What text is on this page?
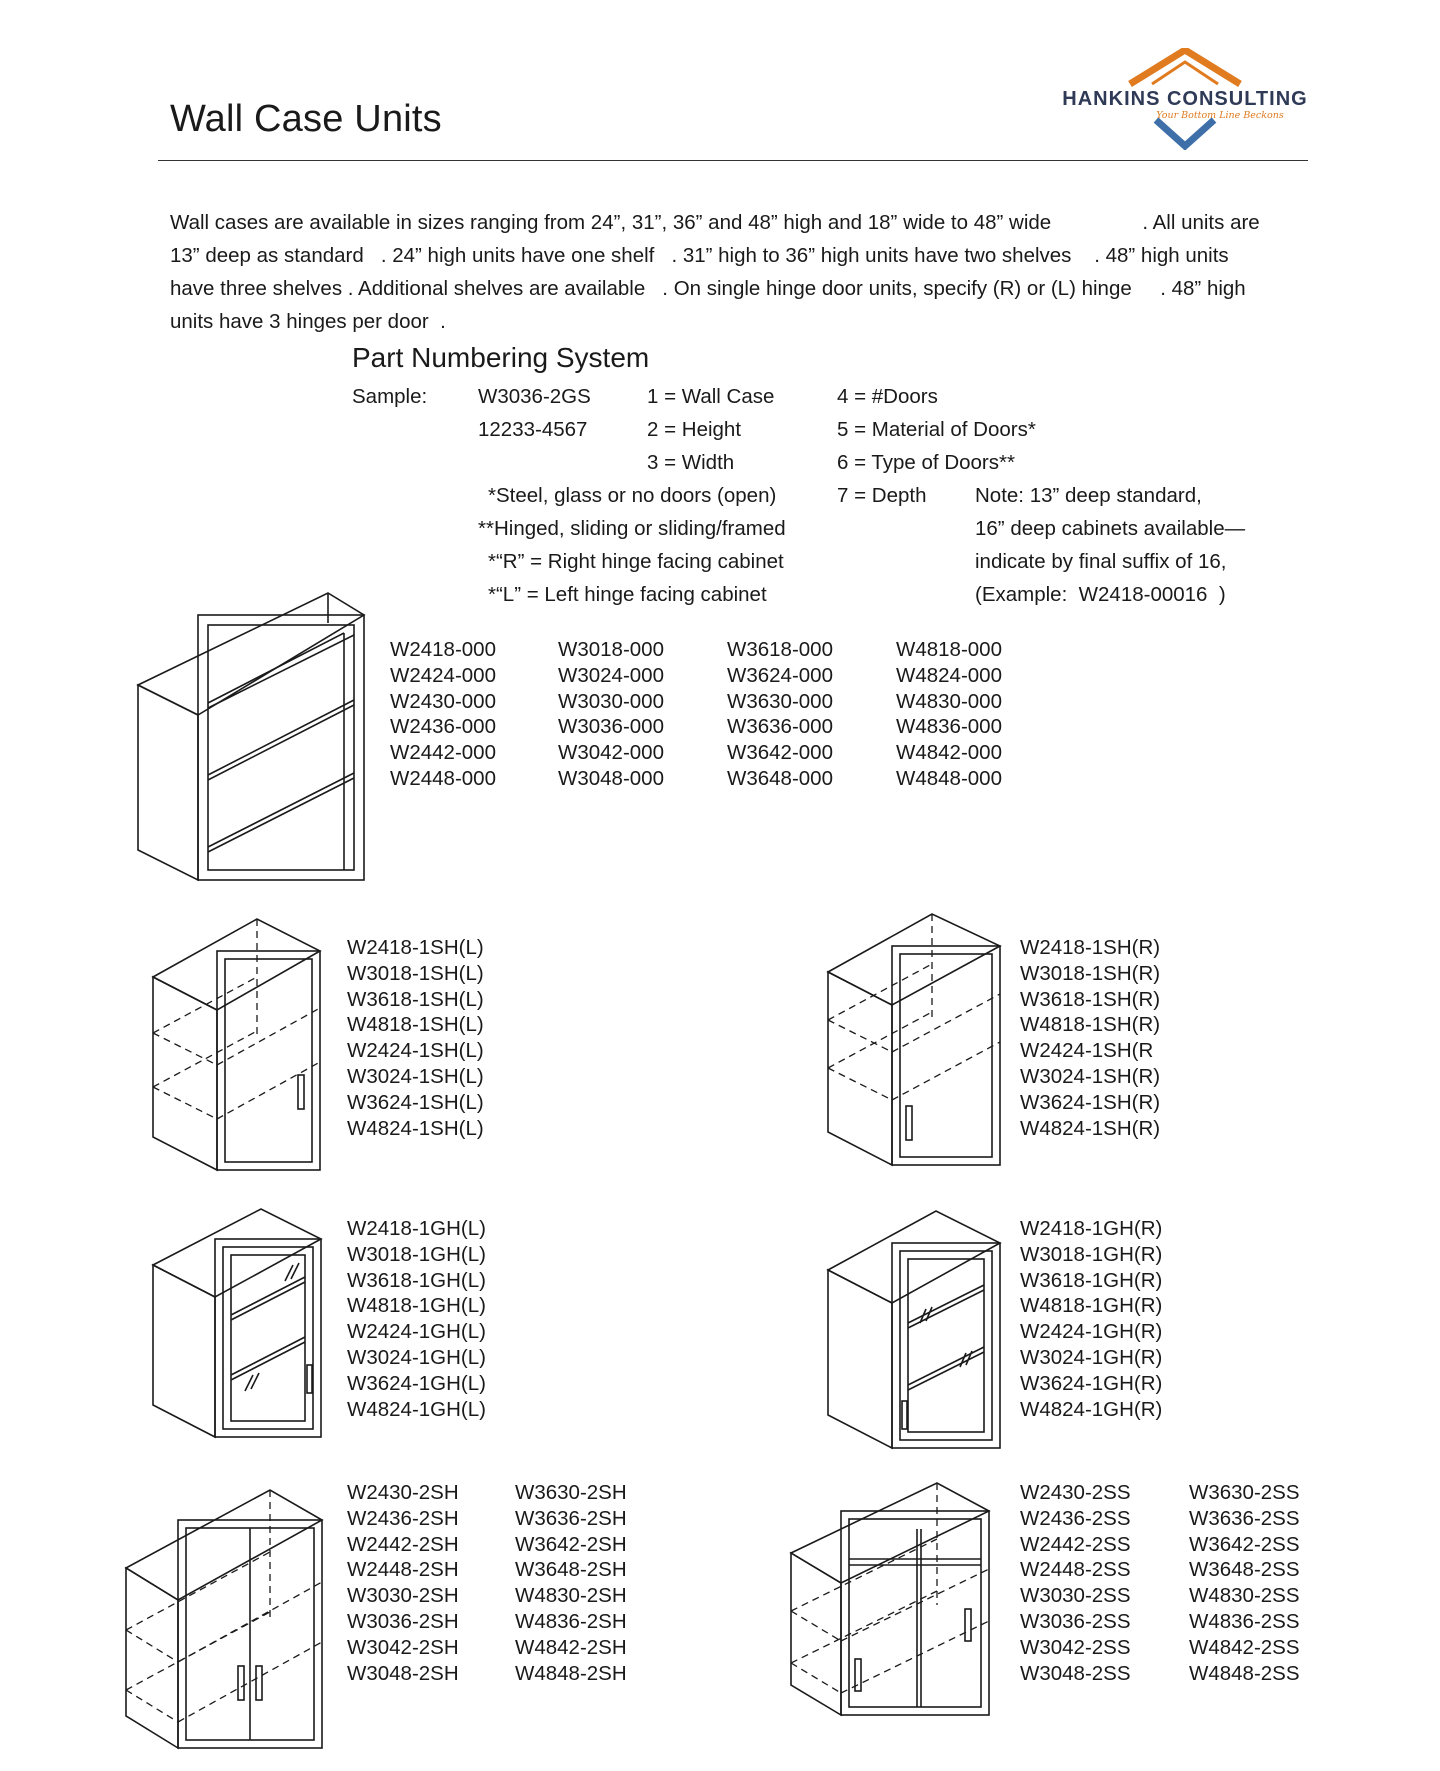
Wall Case Units	HANKINS CONSULTING
Your Bottom Line Beckons

Wall cases are available in sizes ranging from 24”, 31”, 36” and 48” high and 18” wide to 48” wide                . All units are

13” deep as standard   . 24” high units have one shelf   . 31” high to 36” high units have two shelves    . 48” high units

have three shelves . Additional shelves are available   . On single hinge door units, specify (R) or (L) hinge     . 48” high

units have 3 hinges per door  .

Part Numbering System
Sample: W3036-2GS
12233-4567
1 = Wall Case
2 = Height
3 = Width
4 = #Doors
5 = Material of Doors*
6 = Type of Doors**
7 = Depth
*Steel, glass or no doors (open)
**Hinged, sliding or sliding/framed
*“R” = Right hinge facing cabinet
*“L” = Left hinge facing cabinet
Note: 13” deep standard,
16” deep cabinets available—
indicate by final suffix of 16,
(Example:  W2418-00016  )
W2418-000
W2424-000
W2430-000
W2436-000
W2442-000
W2448-000
W3018-000
W3024-000
W3030-000
W3036-000
W3042-000
W3048-000
W3618-000
W3624-000
W3630-000
W3636-000
W3642-000
W3648-000
W4818-000
W4824-000
W4830-000
W4836-000
W4842-000
W4848-000
W2418-1SH(L)
W3018-1SH(L)
W3618-1SH(L)
W4818-1SH(L)
W2424-1SH(L)
W3024-1SH(L)
W3624-1SH(L)
W4824-1SH(L)
W2418-1SH(R)
W3018-1SH(R)
W3618-1SH(R)
W4818-1SH(R)
W2424-1SH(R
W3024-1SH(R)
W3624-1SH(R)
W4824-1SH(R)
W2418-1GH(L)
W3018-1GH(L)
W3618-1GH(L)
W4818-1GH(L)
W2424-1GH(L)
W3024-1GH(L)
W3624-1GH(L)
W4824-1GH(L)
W2418-1GH(R)
W3018-1GH(R)
W3618-1GH(R)
W4818-1GH(R)
W2424-1GH(R)
W3024-1GH(R)
W3624-1GH(R)
W4824-1GH(R)
W2430-2SH
W2436-2SH
W2442-2SH
W2448-2SH
W3030-2SH
W3036-2SH
W3042-2SH
W3048-2SH
W3630-2SH
W3636-2SH
W3642-2SH
W3648-2SH
W4830-2SH
W4836-2SH
W4842-2SH
W4848-2SH
W2430-2SS
W2436-2SS
W2442-2SS
W2448-2SS
W3030-2SS
W3036-2SS
W3042-2SS
W3048-2SS
W3630-2SS
W3636-2SS
W3642-2SS
W3648-2SS
W4830-2SS
W4836-2SS
W4842-2SS
W4848-2SS
